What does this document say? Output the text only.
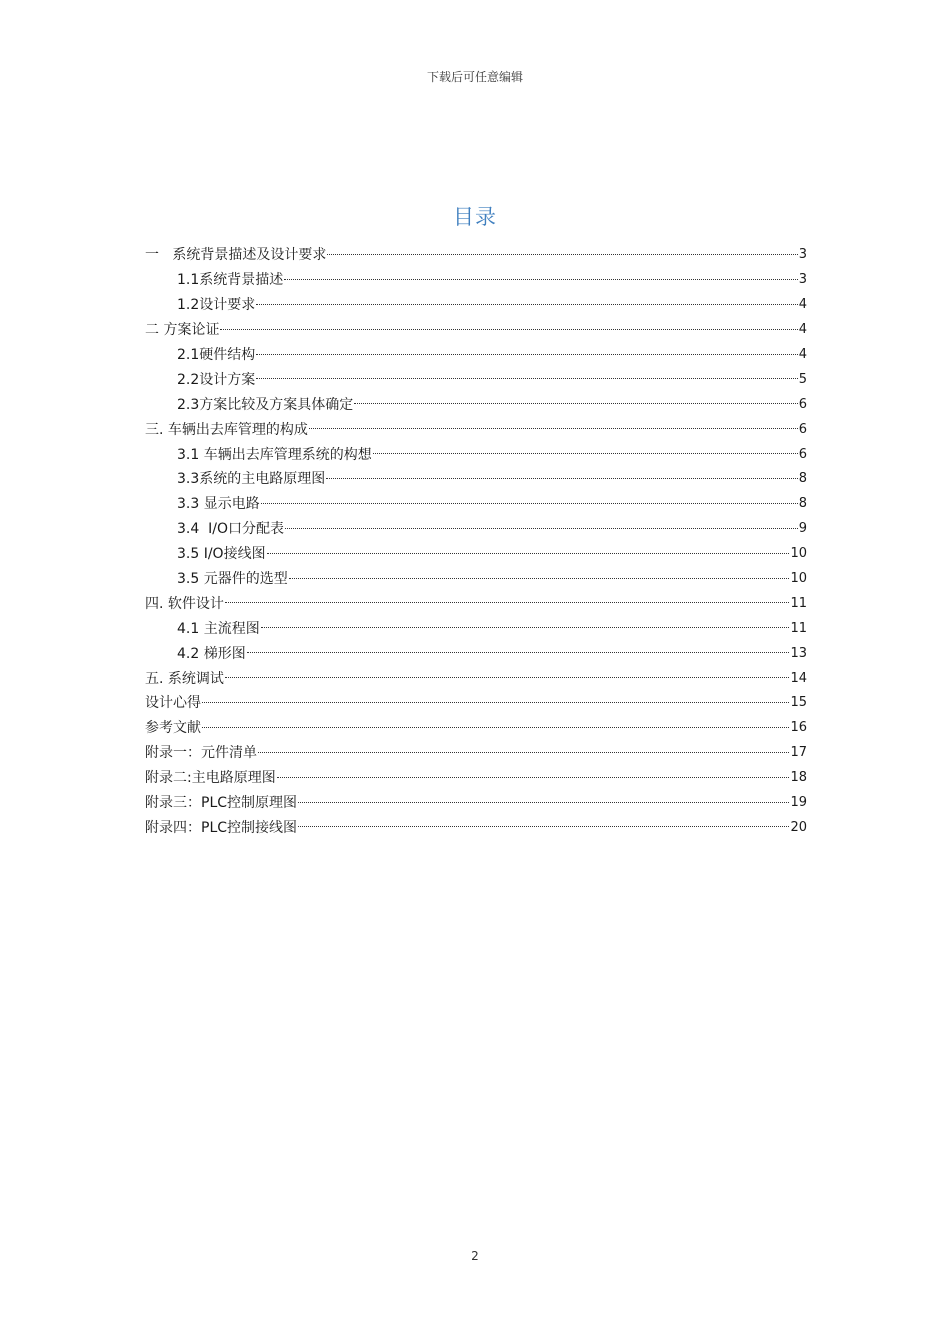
下载后可任意编辑
目录
一   系统背景描述及设计要求	3
1.1系统背景描述	3
1.2设计要求	4
二 方案论证	4
2.1硬件结构	4
2.2设计方案	5
2.3方案比较及方案具体确定	6
三. 车辆出去库管理的构成	6
3.1 车辆出去库管理系统的构想	6
3.3系统的主电路原理图	8
3.3 显示电路	8
3.4  I/O口分配表	9
3.5 I/O接线图	10
3.5 元器件的选型	10
四. 软件设计	11
4.1 主流程图	11
4.2 梯形图	13
五. 系统调试	14
设计心得	15
参考文献	16
附录一：元件清单	17
附录二:主电路原理图	18
附录三：PLC控制原理图	19
附录四：PLC控制接线图	20
2
